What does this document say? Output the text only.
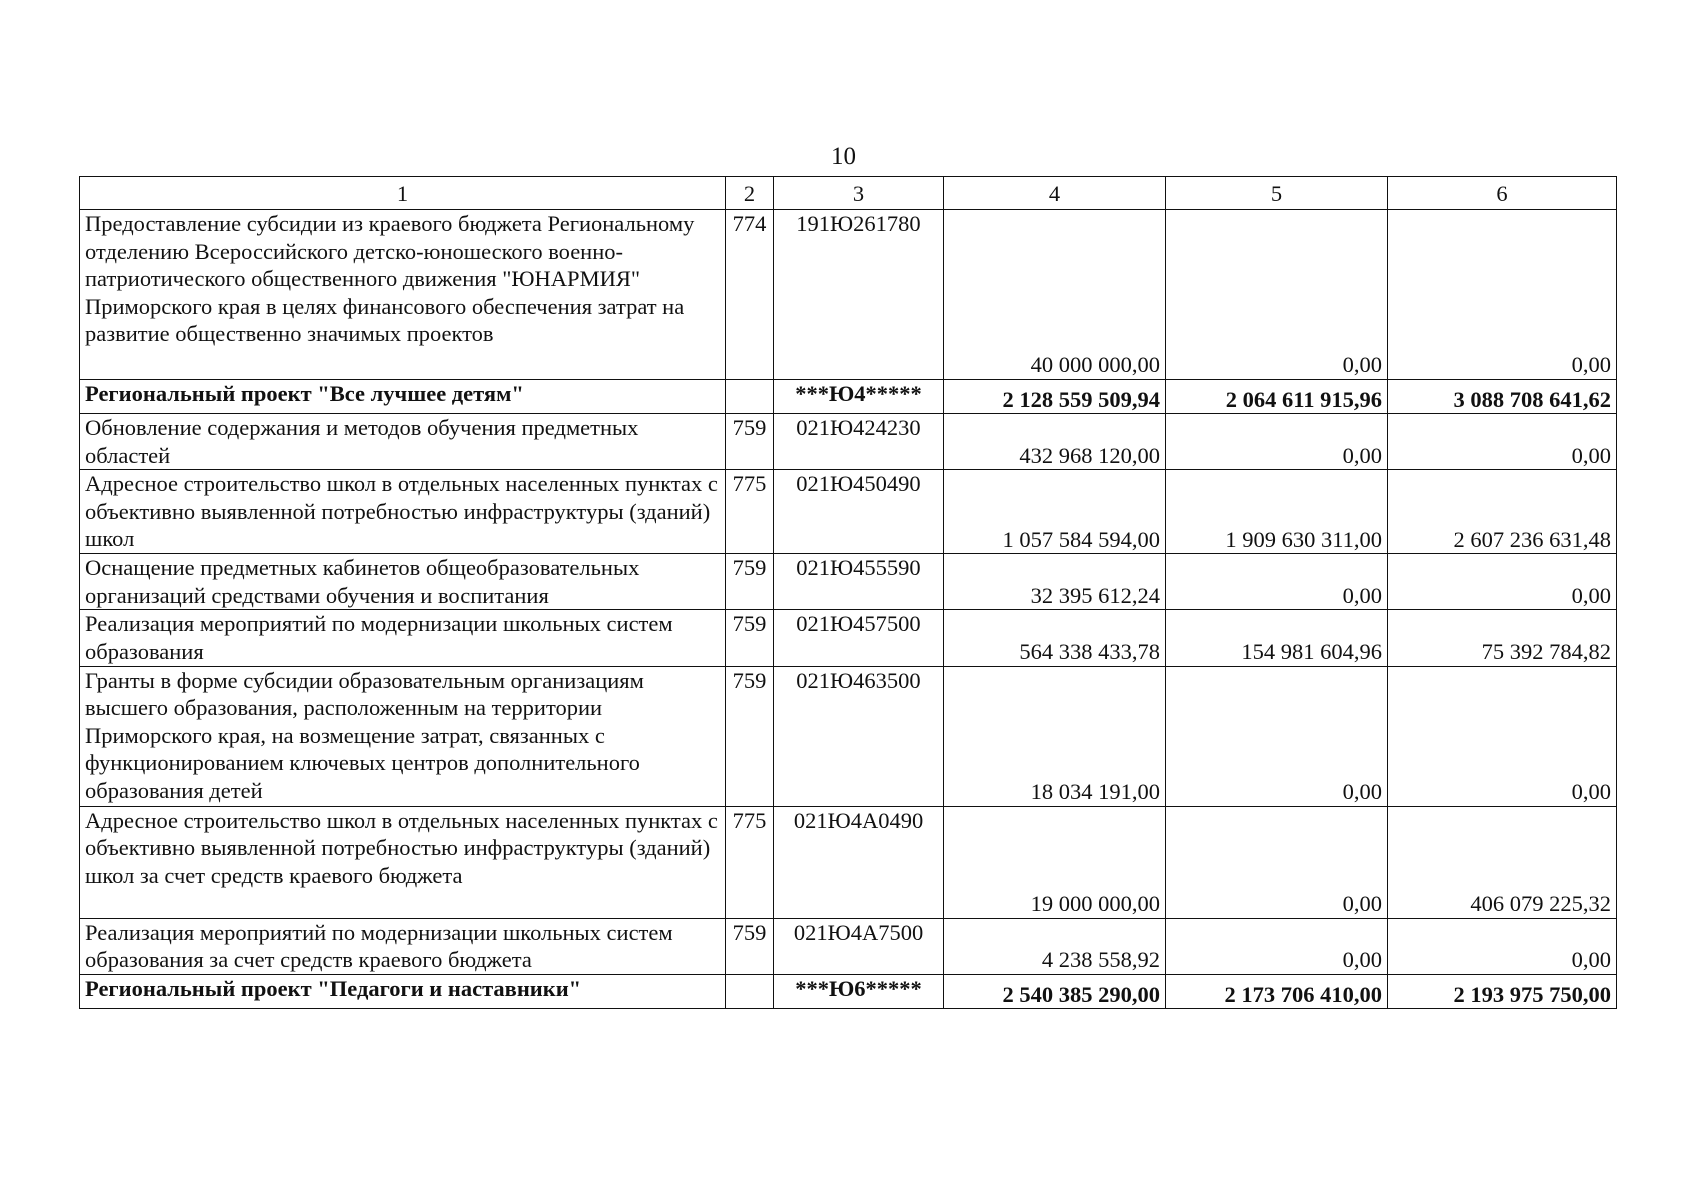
10
1	2	3	4	5	6
Предоставление субсидии из краевого бюджета Региональному отделению Всероссийского детско-юношеского военно-патриотического общественного движения "ЮНАРМИЯ" Приморского края в целях финансового обеспечения затрат на развитие общественно значимых проектов	774	191Ю261780	40 000 000,00	0,00	0,00
Региональный проект "Все лучшее детям"		***Ю4*****	2 128 559 509,94	2 064 611 915,96	3 088 708 641,62
Обновление содержания и методов обучения предметных областей	759	021Ю424230	432 968 120,00	0,00	0,00
Адресное строительство школ в отдельных населенных пунктах с объективно выявленной потребностью инфраструктуры (зданий) школ	775	021Ю450490	1 057 584 594,00	1 909 630 311,00	2 607 236 631,48
Оснащение предметных кабинетов общеобразовательных организаций средствами обучения и воспитания	759	021Ю455590	32 395 612,24	0,00	0,00
Реализация мероприятий по модернизации школьных систем образования	759	021Ю457500	564 338 433,78	154 981 604,96	75 392 784,82
Гранты в форме субсидии образовательным организациям высшего образования, расположенным на территории Приморского края, на возмещение затрат, связанных с функционированием ключевых центров дополнительного образования детей	759	021Ю463500	18 034 191,00	0,00	0,00
Адресное строительство школ в отдельных населенных пунктах с объективно выявленной потребностью инфраструктуры (зданий) школ за счет средств краевого бюджета	775	021Ю4А0490	19 000 000,00	0,00	406 079 225,32
Реализация мероприятий по модернизации школьных систем образования за счет средств краевого бюджета	759	021Ю4А7500	4 238 558,92	0,00	0,00
Региональный проект "Педагоги и наставники"		***Ю6*****	2 540 385 290,00	2 173 706 410,00	2 193 975 750,00
